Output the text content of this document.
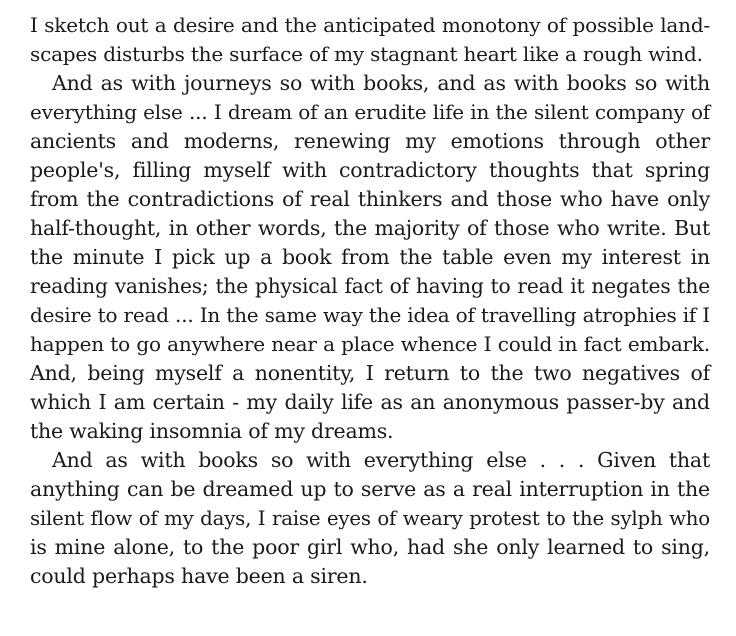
I sketch out a desire and the anticipated monotony of possible land-
scapes disturbs the surface of my stagnant heart like a rough wind.
And as with journeys so with books, and as with books so with
everything else ... I dream of an erudite life in the silent company of
ancients and moderns, renewing my emotions through other
people's, filling myself with contradictory thoughts that spring
from the contradictions of real thinkers and those who have only
half-thought, in other words, the majority of those who write. But
the minute I pick up a book from the table even my interest in
reading vanishes; the physical fact of having to read it negates the
desire to read ... In the same way the idea of travelling atrophies if I
happen to go anywhere near a place whence I could in fact embark.
And, being myself a nonentity, I return to the two negatives of
which I am certain - my daily life as an anonymous passer-by and
the waking insomnia of my dreams.
And as with books so with everything else . . . Given that
anything can be dreamed up to serve as a real interruption in the
silent flow of my days, I raise eyes of weary protest to the sylph who
is mine alone, to the poor girl who, had she only learned to sing,
could perhaps have been a siren.
